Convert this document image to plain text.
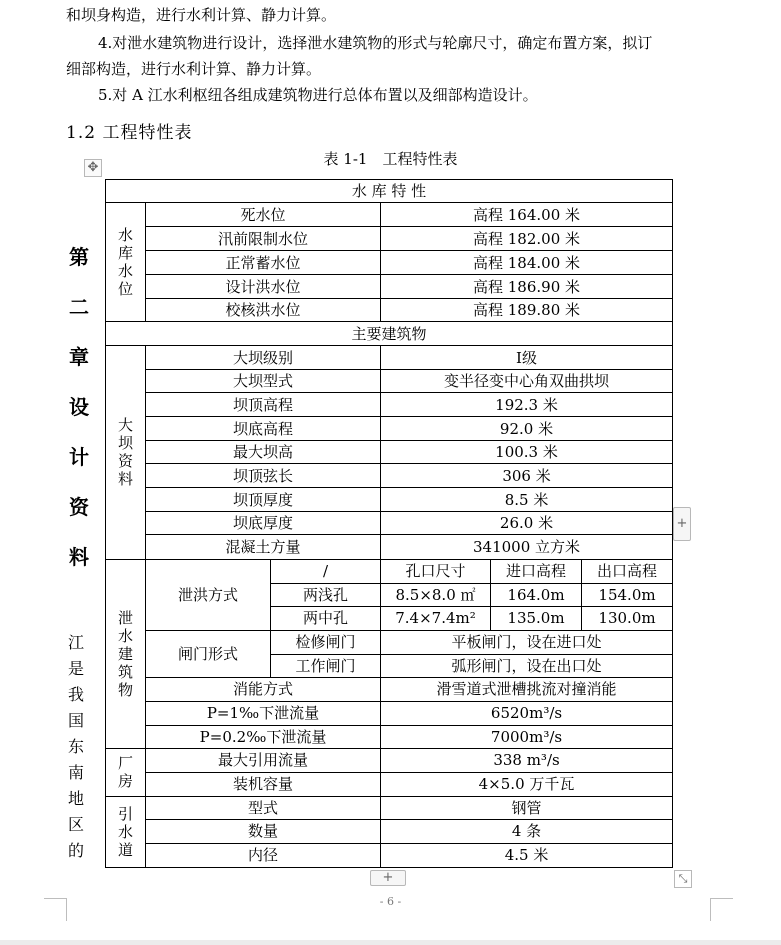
和坝身构造，进行水利计算、静力计算。
4.对泄水建筑物进行设计，选择泄水建筑物的形式与轮廓尺寸，确定布置方案，拟订
细部构造，进行水利计算、静力计算。
5.对 A 江水利枢纽各组成建筑物进行总体布置以及细部构造设计。
1.2 工程特性表
表 1-1　工程特性表
✥
第
二
章
设
计
资
料
江
是
我
国
东
南
地
区
的
水 库 特 性					
水库水位	死水位		高程 164.00 米		
	汛前限制水位		高程 182.00 米		
	正常蓄水位		高程 184.00 米		
	设计洪水位		高程 186.90 米		
	校核洪水位		高程 189.80 米		
主要建筑物					
大坝资料	大坝级别		Ⅰ级		
	大坝型式		变半径变中心角双曲拱坝		
	坝顶高程		192.3 米		
	坝底高程		92.0 米		
	最大坝高		100.3 米		
	坝顶弦长		306 米		
	坝顶厚度		8.5 米		
	坝底厚度		26.0 米		
	混凝土方量		341000 立方米		
泄水建筑物	泄洪方式	/	孔口尺寸	进口高程	出口高程
		两浅孔	8.5×8.0 ㎡	164.0m	154.0m
		两中孔	7.4×7.4m²	135.0m	130.0m
	闸门形式	检修闸门	平板闸门，设在进口处		
		工作闸门	弧形闸门，设在出口处		
	消能方式		滑雪道式泄槽挑流对撞消能		
	P=1‰下泄流量		6520m³/s		
	P=0.2‰下泄流量		7000m³/s		
厂房	最大引用流量		338 m³/s		
	装机容量		4×5.0 万千瓦		
引水道	型式		钢管		
	数量		4 条		
	内径		4.5 米		
+
+	⤡
- 6 -
